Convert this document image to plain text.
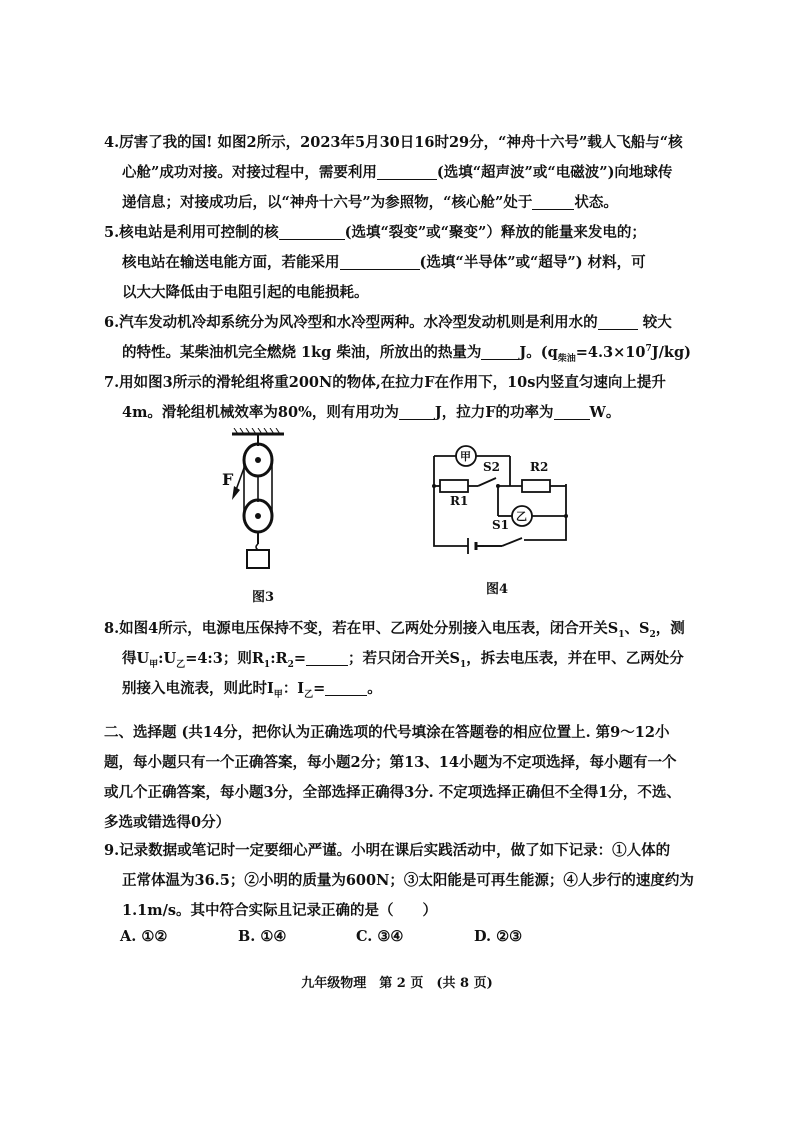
4.厉害了我的国! 如图2所示，2023年5月30日16时29分，“神舟十六号”载人飞船与“核
心舱”成功对接。对接过程中，需要利用	(选填“超声波”或“电磁波”)向地球传
递信息；对接成功后，以“神舟十六号”为参照物，“核心舱”处于	状态。
5.核电站是利用可控制的核	(选填“裂变”或“聚变”）释放的能量来发电的；
核电站在输送电能方面，若能采用	(选填“半导体”或“超导”) 材料，可
以大大降低由于电阻引起的电能损耗。
6.汽车发动机冷却系统分为风冷型和水冷型两种。水冷型发动机则是利用水的	较大
的特性。某柴油机完全燃烧 1kg 柴油，所放出的热量为	J。$(q_{柴油}=4.3\times 10^7J/kg)$
7.用如图3所示的滑轮组将重200N的物体,在拉力F在作用下，10s内竖直匀速向上提升
4m。滑轮组机械效率为80%，则有用功为 J，拉力F的功率为 W。
F
图3
甲
乙
S2 R2
R1
S1
图4
8.如图4所示，电源电压保持不变，若在甲、乙两处分别接入电压表，闭合开关$S_1$、$S_2$，测
得$U_甲:U_乙=4:3$；则$R_1:R_2=$	；若只闭合开关$S_1$，拆去电压表，并在甲、乙两处分
别接入电流表，则此时$I_甲$：$I_乙=$	。
二、选择题 (共14分，把你认为正确选项的代号填涂在答题卷的相应位置上. 第9～12小
题，每小题只有一个正确答案，每小题2分；第13、14小题为不定项选择，每小题有一个
或几个正确答案，每小题3分，全部选择正确得3分. 不定项选择正确但不全得1分，不选、
多选或错选得0分）
9.记录数据或笔记时一定要细心严谨。小明在课后实践活动中，做了如下记录：①人体的
正常体温为36.5；②小明的质量为600N；③太阳能是可再生能源；④人步行的速度约为
1.1m/s。其中符合实际且记录正确的是（　　）
A. ①②	B. ①④	C. ③④	D. ②③
九年级物理　第 2 页　(共 8 页)
